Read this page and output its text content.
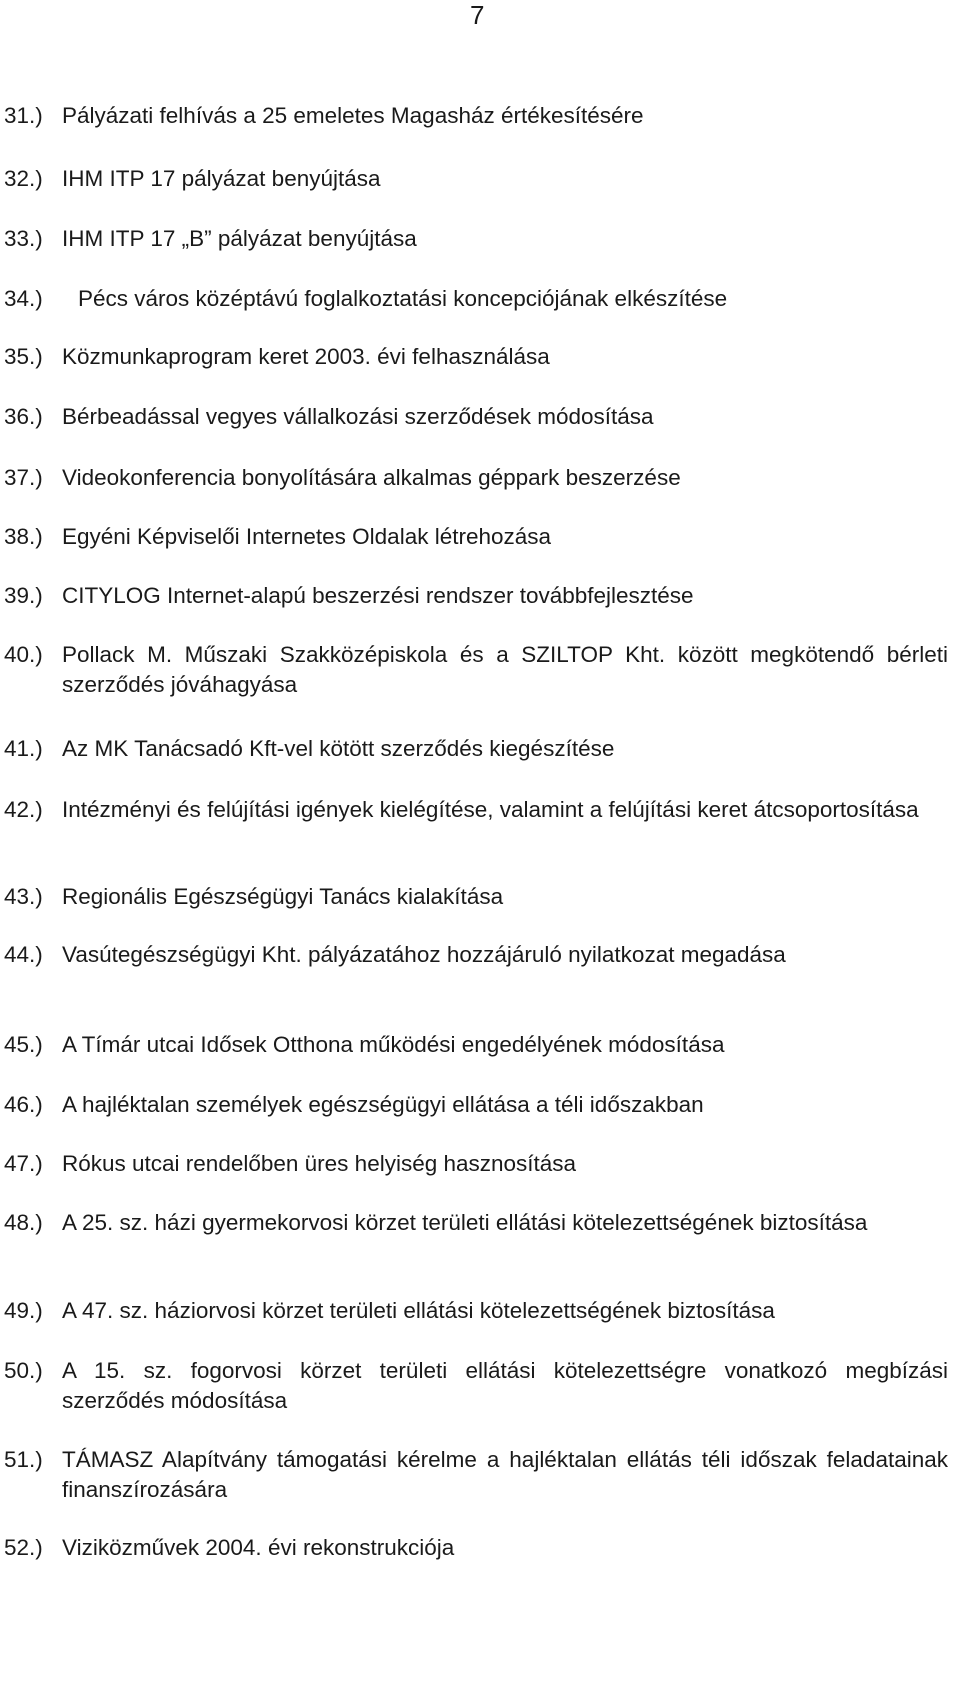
7
31.) Pályázati felhívás a 25 emeletes Magasház értékesítésére
32.) IHM ITP 17 pályázat benyújtása
33.) IHM ITP 17 „B” pályázat benyújtása
34.) Pécs város középtávú foglalkoztatási koncepciójának elkészítése
35.) Közmunkaprogram keret 2003. évi felhasználása
36.) Bérbeadással vegyes vállalkozási szerződések módosítása
37.) Videokonferencia bonyolítására alkalmas géppark beszerzése
38.) Egyéni Képviselői Internetes Oldalak létrehozása
39.) CITYLOG Internet-alapú beszerzési rendszer továbbfejlesztése
40.) Pollack M. Műszaki Szakközépiskola és a SZILTOP Kht. között megkötendő bérleti szerződés jóváhagyása
41.) Az MK Tanácsadó Kft-vel kötött szerződés kiegészítése
42.) Intézményi és felújítási igények kielégítése, valamint a felújítási keret átcsoportosítása
43.) Regionális Egészségügyi Tanács kialakítása
44.) Vasútegészségügyi Kht. pályázatához hozzájáruló nyilatkozat megadása
45.) A Tímár utcai Idősek Otthona működési engedélyének módosítása
46.) A hajléktalan személyek egészségügyi ellátása a téli időszakban
47.) Rókus utcai rendelőben üres helyiség hasznosítása
48.) A 25. sz. házi gyermekorvosi körzet területi ellátási kötelezettségének biztosítása
49.) A 47. sz. háziorvosi körzet területi ellátási kötelezettségének biztosítása
50.) A 15. sz. fogorvosi körzet területi ellátási kötelezettségre vonatkozó megbízási szerződés módosítása
51.) TÁMASZ Alapítvány támogatási kérelme a hajléktalan ellátás téli időszak feladatainak finanszírozására
52.) Viziközművek 2004. évi rekonstrukciója
